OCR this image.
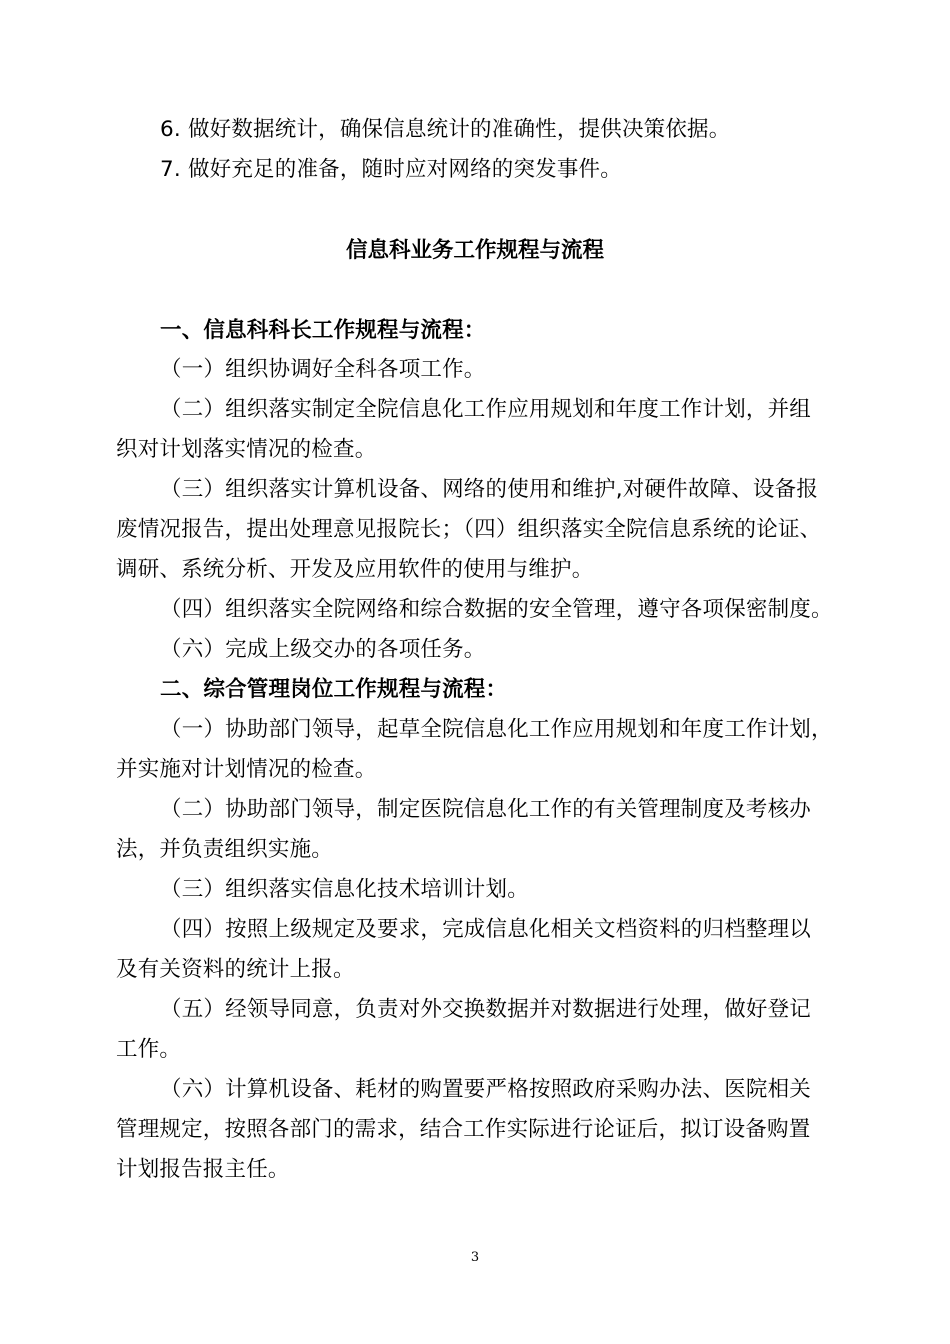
6. 做好数据统计，确保信息统计的准确性，提供决策依据。
7. 做好充足的准备，随时应对网络的突发事件。
信息科业务工作规程与流程
一、信息科科长工作规程与流程：
（一）组织协调好全科各项工作。
（二）组织落实制定全院信息化工作应用规划和年度工作计划，并组
织对计划落实情况的检查。
（三）组织落实计算机设备、网络的使用和维护,对硬件故障、设备报
废情况报告，提出处理意见报院长；（四）组织落实全院信息系统的论证、
调研、系统分析、开发及应用软件的使用与维护。
（四）组织落实全院网络和综合数据的安全管理，遵守各项保密制度。
（六）完成上级交办的各项任务。
二、综合管理岗位工作规程与流程：
（一）协助部门领导，起草全院信息化工作应用规划和年度工作计划，
并实施对计划情况的检查。
（二）协助部门领导，制定医院信息化工作的有关管理制度及考核办
法，并负责组织实施。
（三）组织落实信息化技术培训计划。
（四）按照上级规定及要求，完成信息化相关文档资料的归档整理以
及有关资料的统计上报。
（五）经领导同意，负责对外交换数据并对数据进行处理，做好登记
工作。
（六）计算机设备、耗材的购置要严格按照政府采购办法、医院相关
管理规定，按照各部门的需求，结合工作实际进行论证后，拟订设备购置
计划报告报主任。
3
